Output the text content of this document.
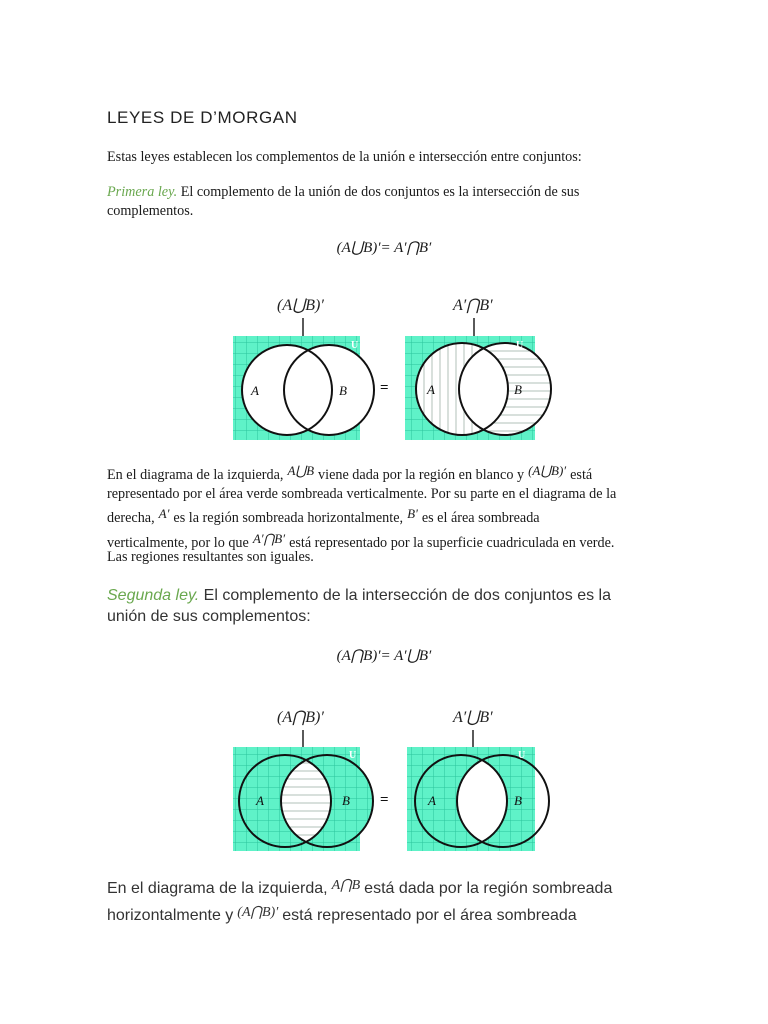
LEYES DE D’MORGAN
Estas leyes establecen los complementos de la unión e intersección entre conjuntos:
Primera ley. El complemento de la unión de dos conjuntos es la intersección de sus
complementos.
(A⋃B)′= A′⋂B′
(A⋃B)′
U
A	B =
A′⋂B′
U
A	B
En el diagrama de la izquierda, A⋃B viene dada por la región en blanco y (A⋃B)′ está
representado por el área verde sombreada verticalmente. Por su parte en el diagrama de la
derecha, A' es la región sombreada horizontalmente, B' es el área sombreada
verticalmente, por lo que A′⋂B′ está representado por la superficie cuadriculada en verde.
Las regiones resultantes son iguales.
Segunda ley. El complemento de la intersección de dos conjuntos es la
unión de sus complementos:
(A⋂B)′= A′⋃B′
(A⋂B)′
U
A	B =
A′⋃B′
U
A	B
En el diagrama de la izquierda, A⋂B está dada por la región sombreada
horizontalmente y (A⋂B)′ está representado por el área sombreada
